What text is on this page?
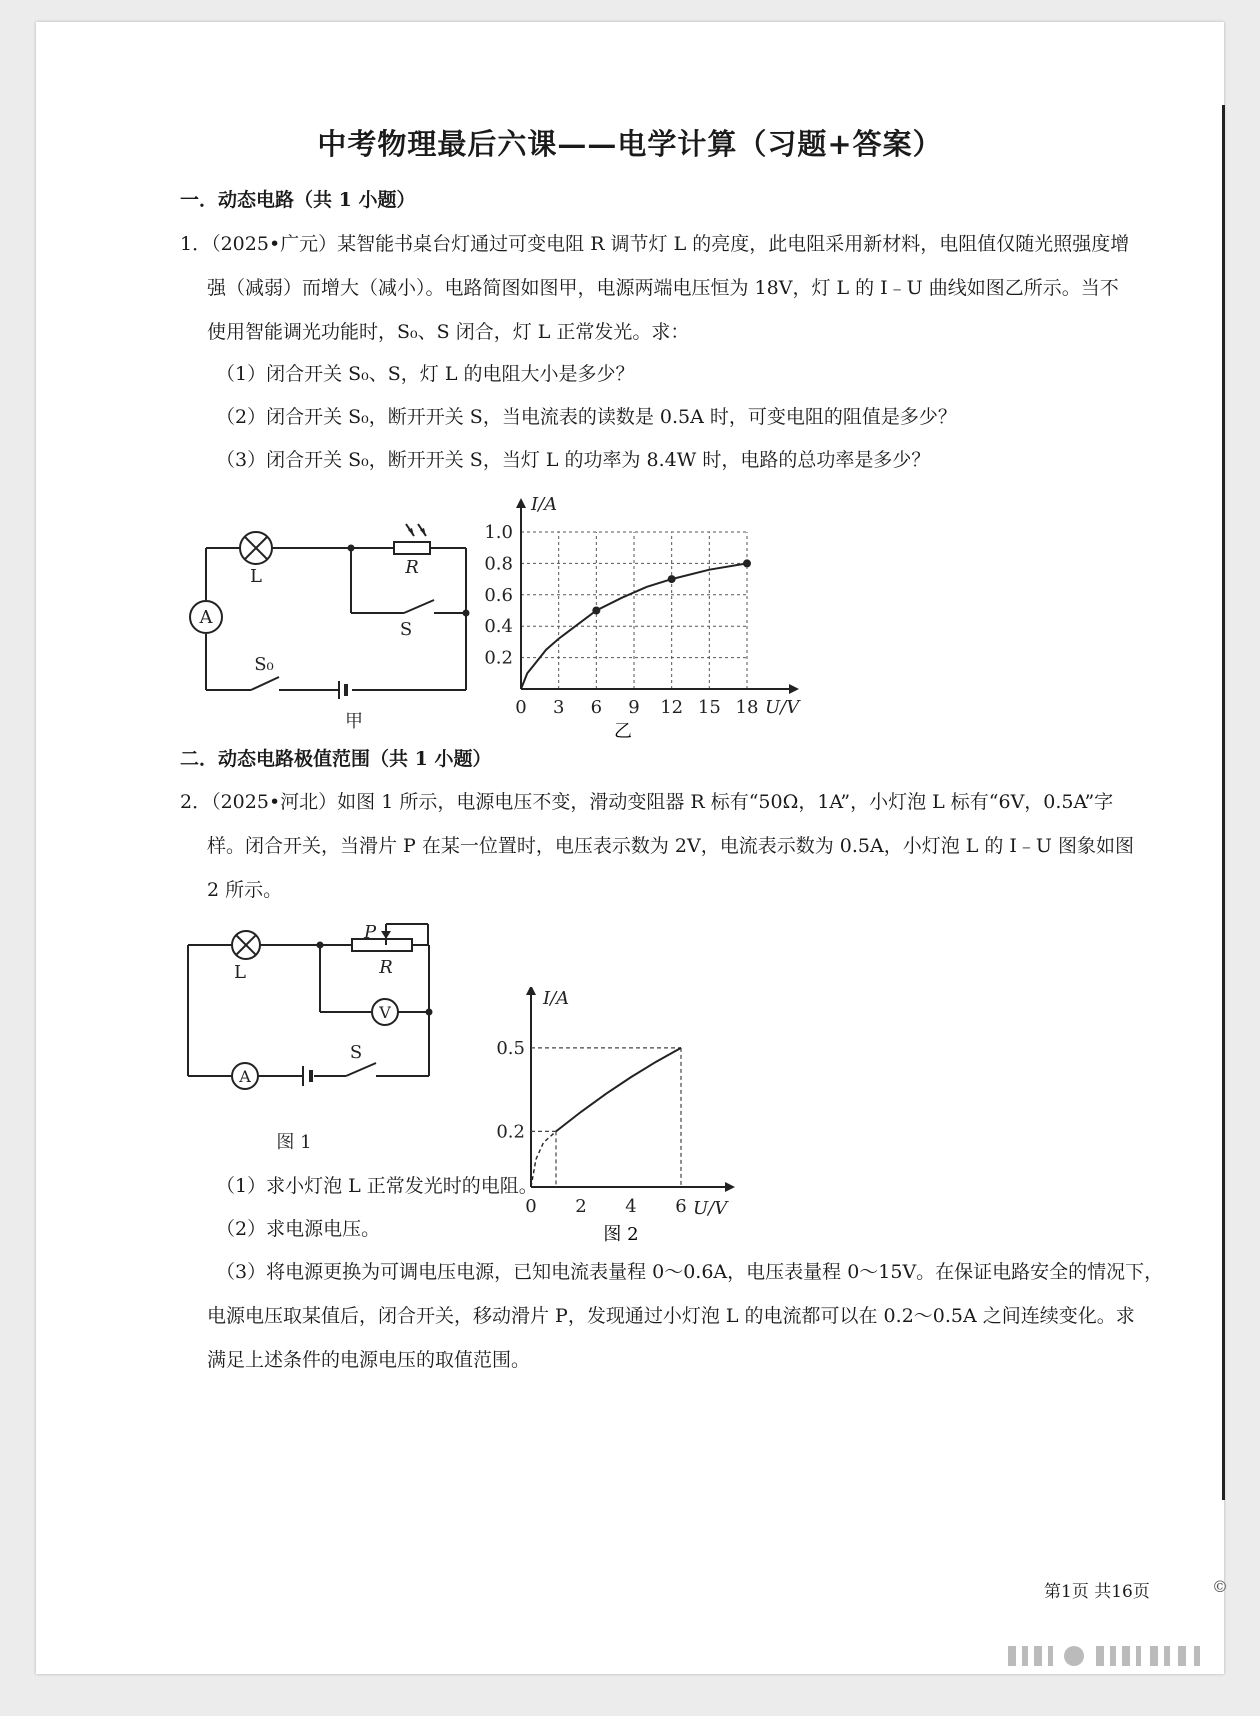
中考物理最后六课——电学计算（习题+答案）
一．动态电路（共 1 小题）
1．（2025•广元）某智能书桌台灯通过可变电阻 R 调节灯 L 的亮度，此电阻采用新材料，电阻值仅随光照强度增
强（减弱）而增大（减小）。电路简图如图甲，电源两端电压恒为 18V，灯 L 的 I﹣U 曲线如图乙所示。当不
使用智能调光功能时，S₀、S 闭合，灯 L 正常发光。求：
（1）闭合开关 S₀、S，灯 L 的电阻大小是多少？
（2）闭合开关 S₀，断开开关 S，当电流表的读数是 0.5A 时，可变电阻的阻值是多少？
（3）闭合开关 S₀，断开开关 S，当灯 L 的功率为 8.4W 时，电路的总功率是多少？
L	R
A
S
S₀
甲	乙
0 3 6 9 12 15 18
0.2
0.4
0.6
0.8
1.0
U/V
I/A
二．动态电路极值范围（共 1 小题）
2．（2025•河北）如图 1 所示，电源电压不变，滑动变阻器 R 标有“50Ω，1A”，小灯泡 L 标有“6V，0.5A”字
样。闭合开关，当滑片 P 在某一位置时，电压表示数为 2V，电流表示数为 0.5A，小灯泡 L 的 I﹣U 图象如图
2 所示。
L	R
P
V
A
S
图 1
图 2
0 2 4 6
0.2
0.5
U/V
I/A
（1）求小灯泡 L 正常发光时的电阻。
（2）求电源电压。
（3）将电源更换为可调电压电源，已知电流表量程 0～0.6A，电压表量程 0～15V。在保证电路安全的情况下，
电源电压取某值后，闭合开关，移动滑片 P，发现通过小灯泡 L 的电流都可以在 0.2～0.5A 之间连续变化。求
满足上述条件的电源电压的取值范围。
第1页 共16页	©
